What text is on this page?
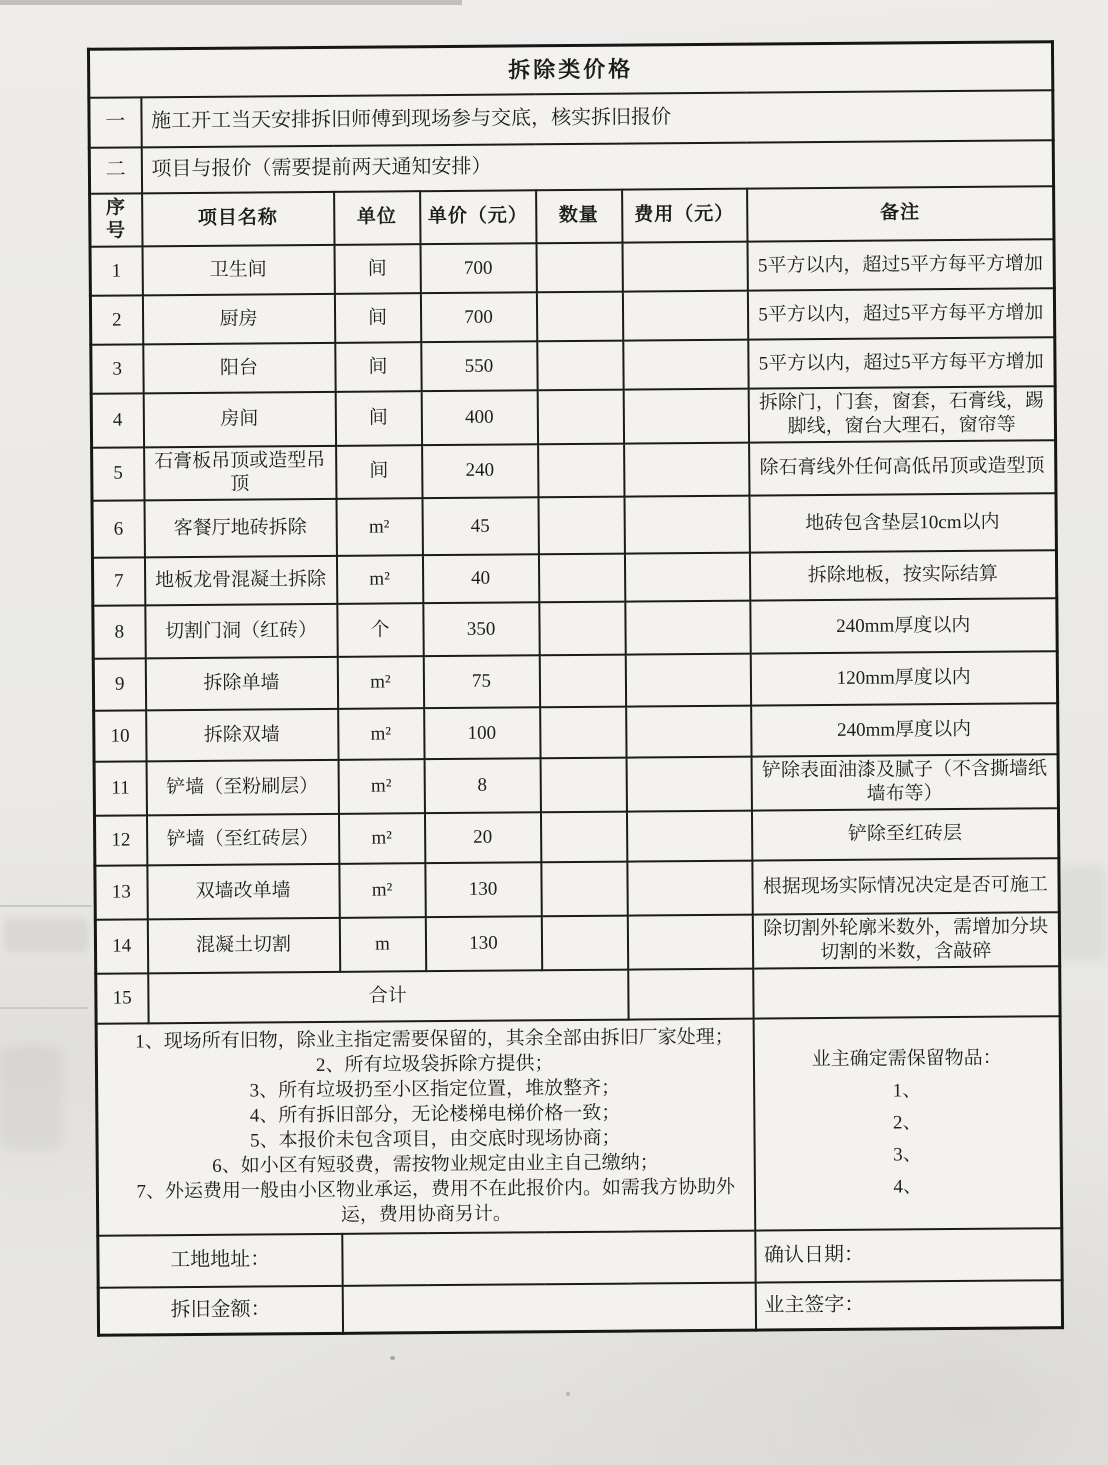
拆除类价格						
一	施工开工当天安排拆旧师傅到现场参与交底，核实拆旧报价					
二	项目与报价（需要提前两天通知安排）					
序号	项目名称	单位	单价（元）	数量	费用（元）	备注
1	卫生间	间	700			5平方以内，超过5平方每平方增加
2	厨房	间	700			5平方以内，超过5平方每平方增加
3	阳台	间	550			5平方以内，超过5平方每平方增加
4	房间	间	400			拆除门，门套，窗套，石膏线，踢脚线，窗台大理石，窗帘等
5	石膏板吊顶或造型吊顶	间	240			除石膏线外任何高低吊顶或造型顶
6	客餐厅地砖拆除	m²	45			地砖包含垫层10cm以内
7	地板龙骨混凝土拆除	m²	40			拆除地板，按实际结算
8	切割门洞（红砖）	个	350			240mm厚度以内
9	拆除单墙	m²	75			120mm厚度以内
10	拆除双墙	m²	100			240mm厚度以内
11	铲墙（至粉刷层）	m²	8			铲除表面油漆及腻子（不含撕墙纸墙布等）
12	铲墙（至红砖层）	m²	20			铲除至红砖层
13	双墙改单墙	m²	130			根据现场实际情况决定是否可施工
14	混凝土切割	m	130			除切割外轮廓米数外，需增加分块切割的米数，含敲碎
15	合计					

1、现场所有旧物，除业主指定需要保留的，其余全部由拆旧厂家处理；

2、所有垃圾袋拆除方提供；

3、所有垃圾扔至小区指定位置，堆放整齐；

4、所有拆旧部分，无论楼梯电梯价格一致；

5、本报价未包含项目，由交底时现场协商；

6、如小区有短驳费，需按物业规定由业主自己缴纳；

7、外运费用一般由小区物业承运，费用不在此报价内。如需我方协助外运，费用协商另计。

业主确定需保留物品：

1、

2、

3、

4、

工地地址：						确认日期：
拆旧金额：						业主签字：
